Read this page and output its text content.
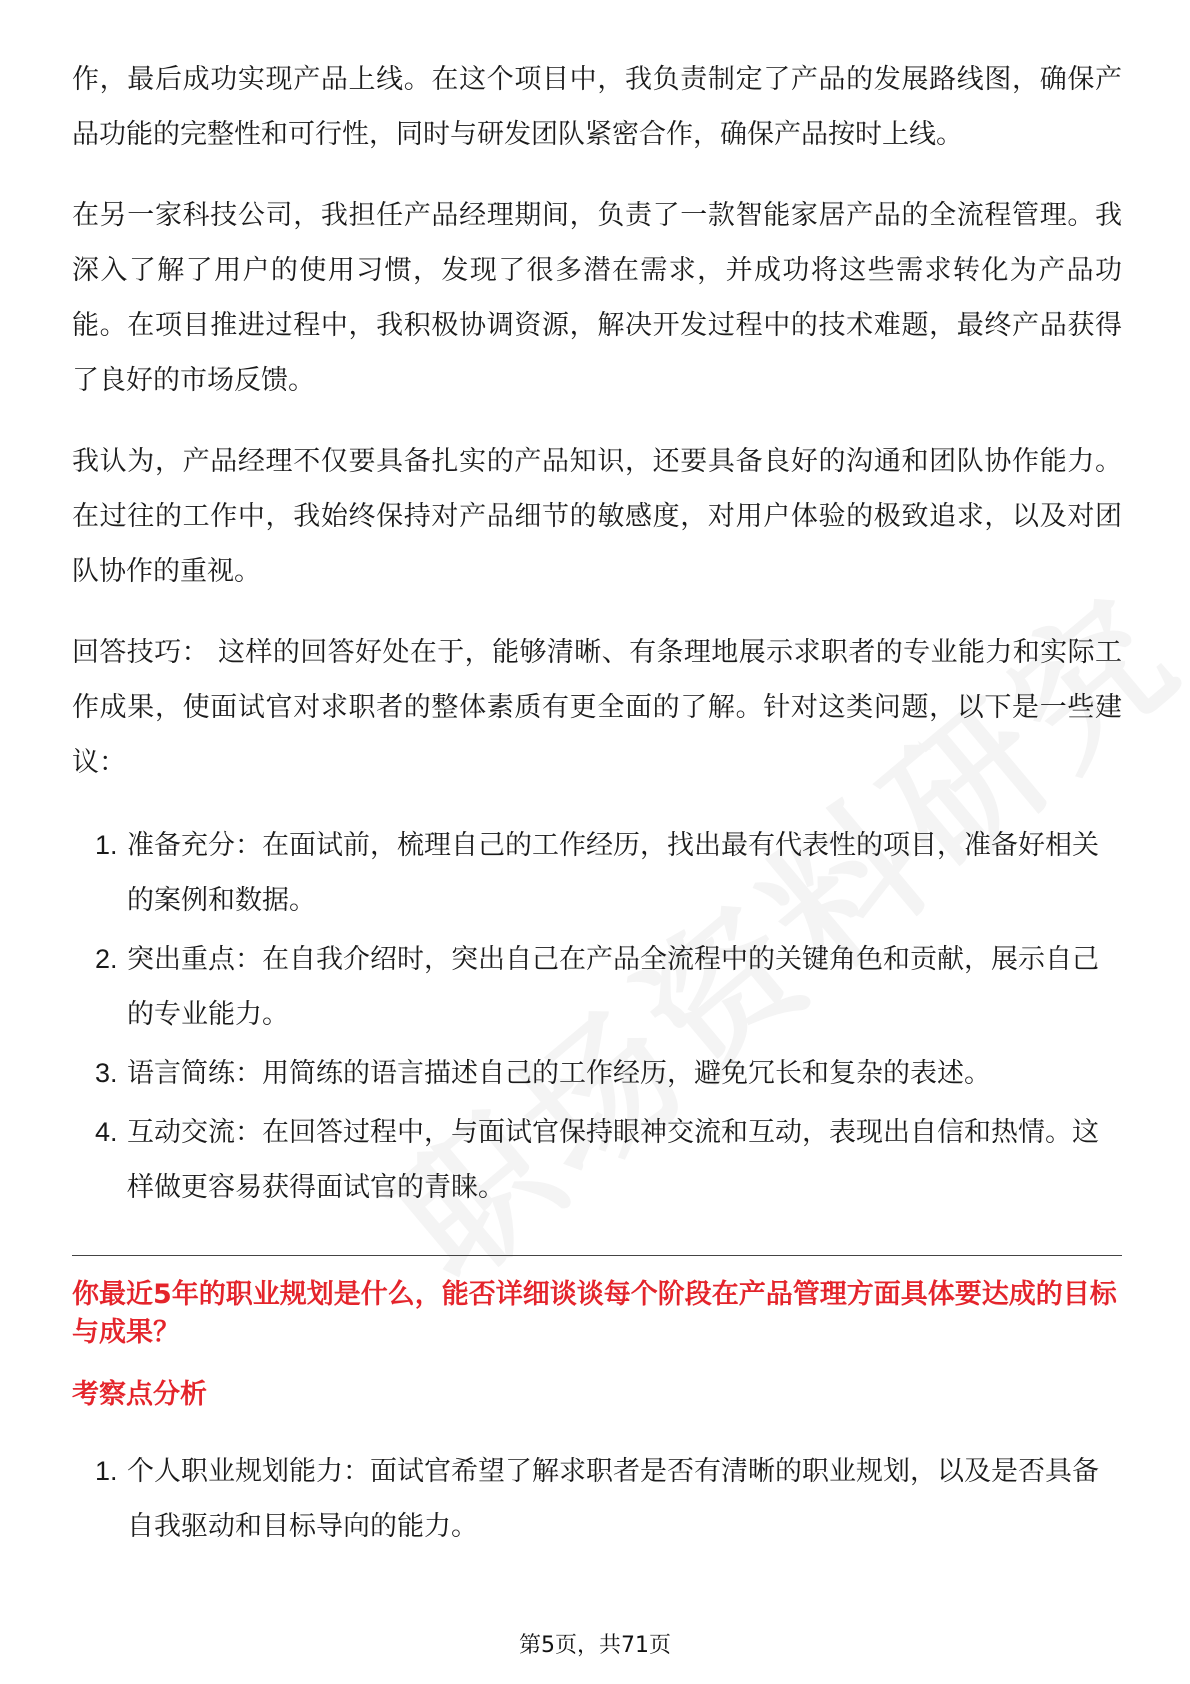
作，最后成功实现产品上线。在这个项目中，我负责制定了产品的发展路线图，确保产品功能的完整性和可行性，同时与研发团队紧密合作，确保产品按时上线。

在另一家科技公司，我担任产品经理期间，负责了一款智能家居产品的全流程管理。我深入了解了用户的使用习惯，发现了很多潜在需求，并成功将这些需求转化为产品功能。在项目推进过程中，我积极协调资源，解决开发过程中的技术难题，最终产品获得了良好的市场反馈。

我认为，产品经理不仅要具备扎实的产品知识，还要具备良好的沟通和团队协作能力。在过往的工作中，我始终保持对产品细节的敏感度，对用户体验的极致追求，以及对团队协作的重视。

回答技巧： 这样的回答好处在于，能够清晰、有条理地展示求职者的专业能力和实际工作成果，使面试官对求职者的整体素质有更全面的了解。针对这类问题，以下是一些建议：

1. 准备充分：在面试前，梳理自己的工作经历，找出最有代表性的项目，准备好相关的案例和数据。
2. 突出重点：在自我介绍时，突出自己在产品全流程中的关键角色和贡献，展示自己的专业能力。
3. 语言简练：用简练的语言描述自己的工作经历，避免冗长和复杂的表述。
4. 互动交流：在回答过程中，与面试官保持眼神交流和互动，表现出自信和热情。这样做更容易获得面试官的青睐。
你最近5年的职业规划是什么，能否详细谈谈每个阶段在产品管理方面具体要达成的目标与成果？
考察点分析
1. 个人职业规划能力：面试官希望了解求职者是否有清晰的职业规划，以及是否具备自我驱动和目标导向的能力。
第5页，共71页
